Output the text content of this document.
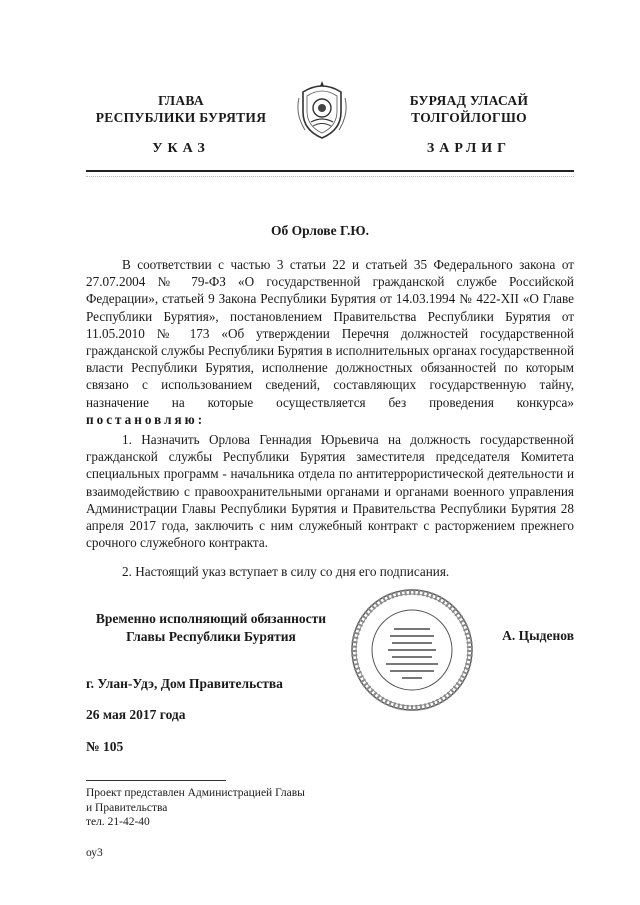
ГЛАВА
РЕСПУБЛИКИ БУРЯТИЯ
БУРЯАД УЛАСАЙ
ТОЛГОЙЛОГШО
УКАЗ	ЗАРЛИГ
Об Орлове Г.Ю.

В соответствии с частью 3 статьи 22 и статьей 35 Федерального закона от 27.07.2004 № 79-ФЗ «О государственной гражданской службе Российской Федерации», статьей 9 Закона Республики Бурятия от 14.03.1994 № 422-XII «О Главе Республики Бурятия», постановлением Правительства Республики Бурятия от 11.05.2010 № 173 «Об утверждении Перечня должностей государственной гражданской службы Республики Бурятия в исполнительных органах государственной власти Республики Бурятия, исполнение должностных обязанностей по которым связано с использованием сведений, составляющих государственную тайну, назначение на которые осуществляется без проведения конкурса» постановляю:

1. Назначить Орлова Геннадия Юрьевича на должность государственной гражданской службы Республики Бурятия заместителя председателя Комитета специальных программ - начальника отдела по антитеррористической деятельности и взаимодействию с правоохранительными органами и органами военного управления Администрации Главы Республики Бурятия и Правительства Республики Бурятия 28 апреля 2017 года, заключить с ним служебный контракт с расторжением прежнего срочного служебного контракта.

2. Настоящий указ вступает в силу со дня его подписания.

Временно исполняющий обязанности
Главы Республики Бурятия	А. Цыденов
г. Улан-Удэ, Дом Правительства
26 мая 2017 года
№ 105
Проект представлен Администрацией Главы
и Правительства
тел. 21-42-40
оу3
